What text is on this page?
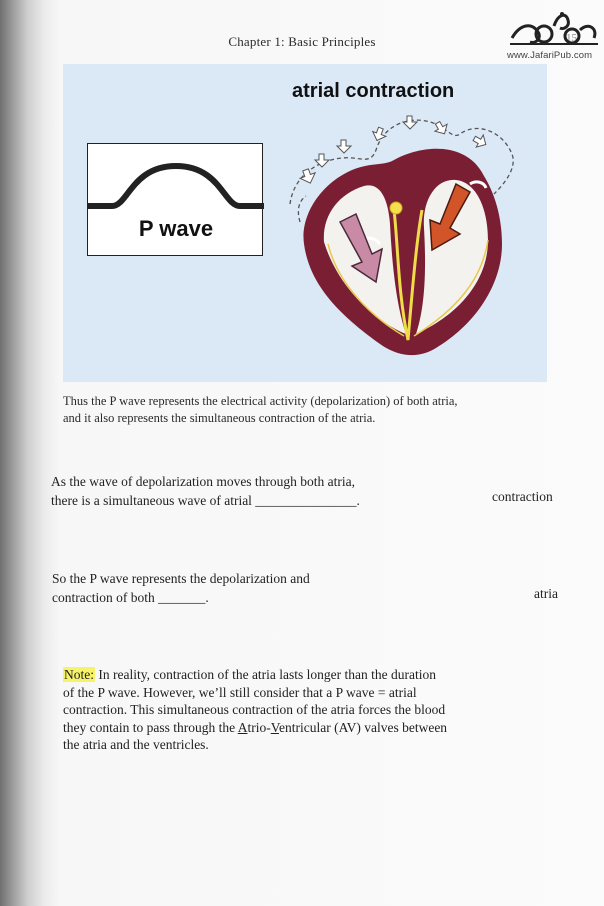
Chapter 1: Basic Principles	15
www.JafariPub.com
atrial contraction
P wave

Thus the P wave represents the electrical activity (depolarization) of both atria,

and it also represents the simultaneous contraction of the atria.

As the wave of depolarization moves through both atria,

there is a simultaneous wave of atrial _______________.	contraction

So the P wave represents the depolarization and

contraction of both _______.	atria

Note: In reality, contraction of the atria lasts longer than the duration

of the P wave. However, we’ll still consider that a P wave = atrial

contraction. This simultaneous contraction of the atria forces the blood

they contain to pass through the Atrio-Ventricular (AV) valves between

the atria and the ventricles.
